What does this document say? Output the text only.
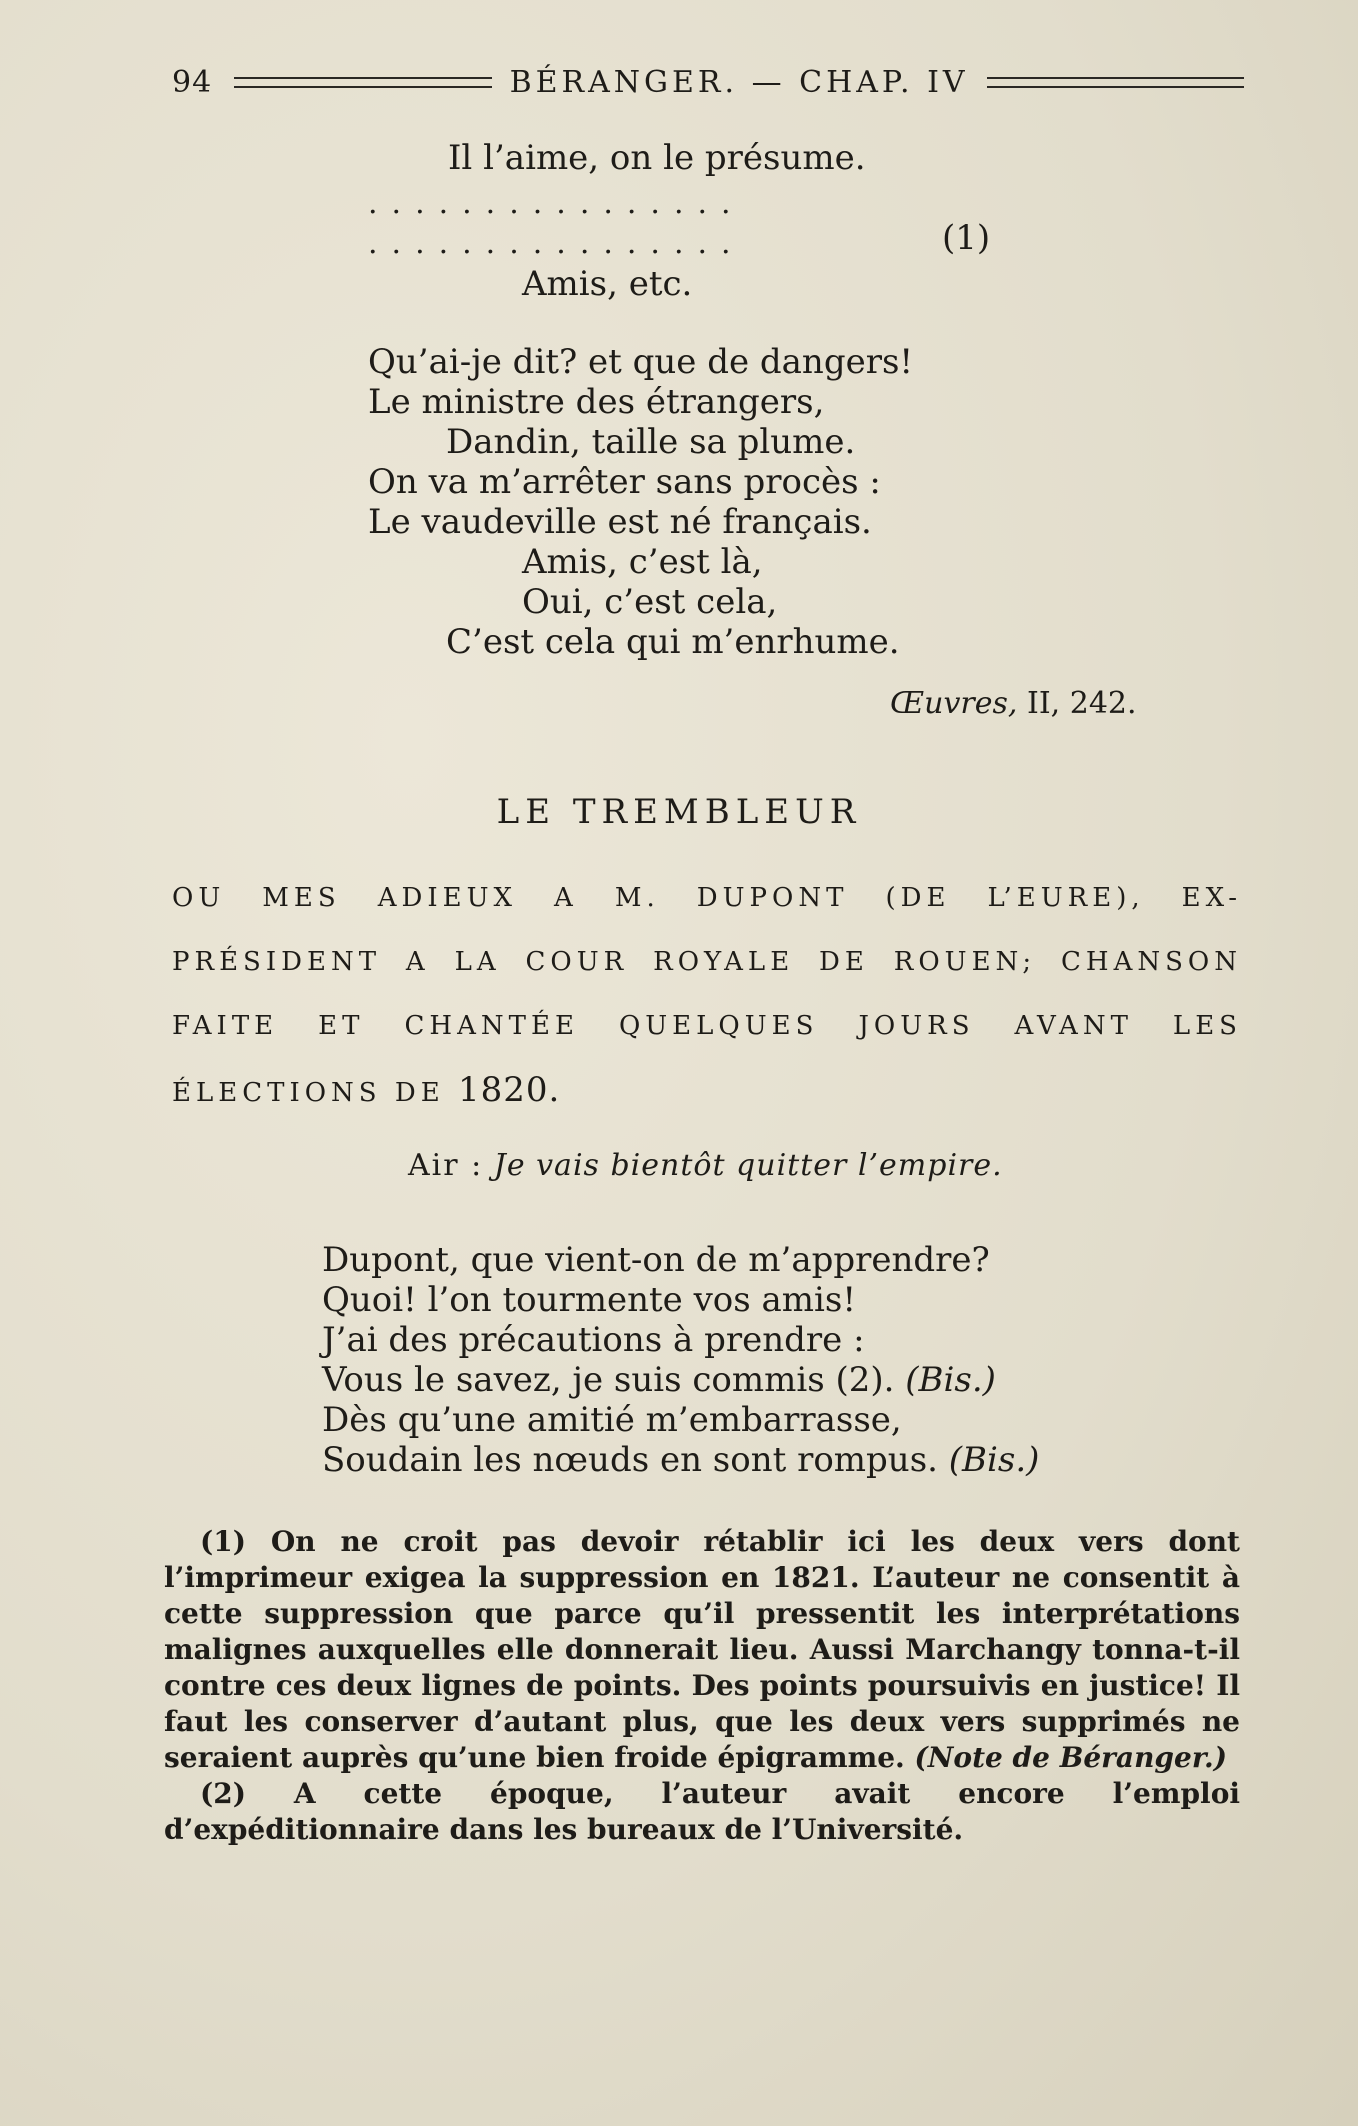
94	BÉRANGER. — CHAP. IV
Il l’aime, on le présume.
................
................	(1)
Amis, etc.
Qu’ai-je dit? et que de dangers!
Le ministre des étrangers,
Dandin, taille sa plume.
On va m’arrêter sans procès :
Le vaudeville est né français.
Amis, c’est là,
Oui, c’est cela,
C’est cela qui m’enrhume.
Œuvres, II, 242.
LE TREMBLEUR
OU MES ADIEUX A M. DUPONT (DE L’EURE), EX-PRÉSIDENT A LA COUR ROYALE DE ROUEN; CHANSON FAITE ET CHANTÉE QUELQUES JOURS AVANT LES ÉLECTIONS DE 1820.
Air : Je vais bientôt quitter l’empire.
Dupont, que vient-on de m’apprendre?
Quoi! l’on tourmente vos amis!
J’ai des précautions à prendre :
Vous le savez, je suis commis (2). (Bis.)
Dès qu’une amitié m’embarrasse,
Soudain les nœuds en sont rompus. (Bis.)

(1) On ne croit pas devoir rétablir ici les deux vers dont l’imprimeur exigea la suppression en 1821. L’auteur ne consentit à cette suppression que parce qu’il pressentit les interprétations malignes auxquelles elle donnerait lieu. Aussi Marchangy tonna-t-il contre ces deux lignes de points. Des points poursuivis en justice! Il faut les conserver d’autant plus, que les deux vers supprimés ne seraient auprès qu’une bien froide épigramme. (Note de Béranger.)

(2) A cette époque, l’auteur avait encore l’emploi d’expéditionnaire dans les bureaux de l’Université.
